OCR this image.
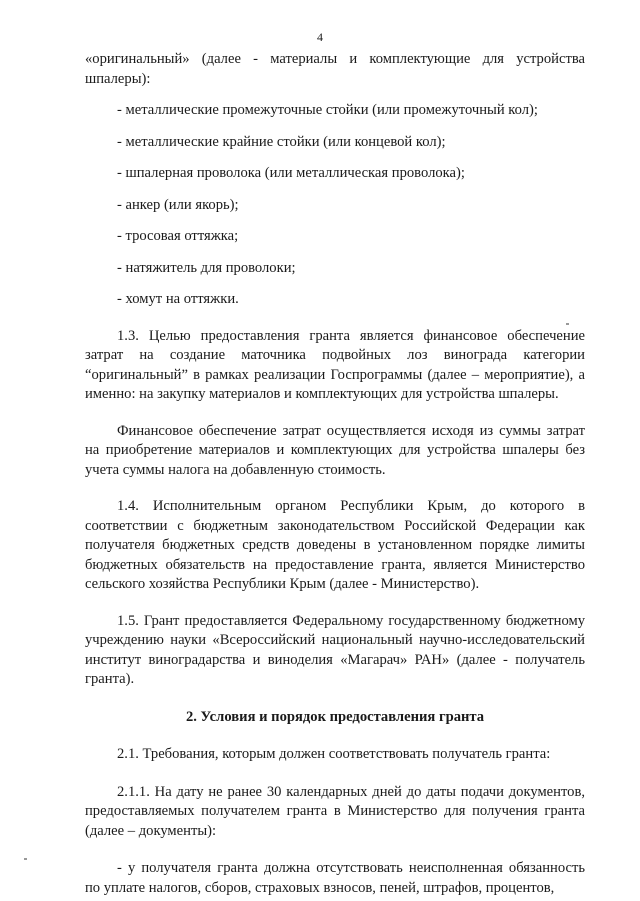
4

«оригинальный» (далее - материалы и комплектующие для устройства шпалеры):

- металлические промежуточные стойки (или промежуточный кол);

- металлические крайние стойки (или концевой кол);

- шпалерная проволока (или металлическая проволока);

- анкер (или якорь);

- тросовая оттяжка;

- натяжитель для проволоки;

- хомут на оттяжки.

1.3. Целью предоставления гранта является финансовое обеспечение затрат на создание маточника подвойных лоз винограда категории “оригинальный” в рамках реализации Госпрограммы (далее – мероприятие), а именно: на закупку материалов и комплектующих для устройства шпалеры.

Финансовое обеспечение затрат осуществляется исходя из суммы затрат на приобретение материалов и комплектующих для устройства шпалеры без учета суммы налога на добавленную стоимость.

1.4. Исполнительным органом Республики Крым, до которого в соответствии с бюджетным законодательством Российской Федерации как получателя бюджетных средств доведены в установленном порядке лимиты бюджетных обязательств на предоставление гранта, является Министерство сельского хозяйства Республики Крым (далее - Министерство).

1.5. Грант предоставляется Федеральному государственному бюджетному учреждению науки «Всероссийский национальный научно-исследовательский институт виноградарства и виноделия «Магарач» РАН» (далее - получатель гранта).

2. Условия и порядок предоставления гранта

2.1. Требования, которым должен соответствовать получатель гранта:

2.1.1. На дату не ранее 30 календарных дней до даты подачи документов, предоставляемых получателем гранта в Министерство для получения гранта (далее – документы):

- у получателя гранта должна отсутствовать неисполненная обязанность по уплате налогов, сборов, страховых взносов, пеней, штрафов, процентов,
